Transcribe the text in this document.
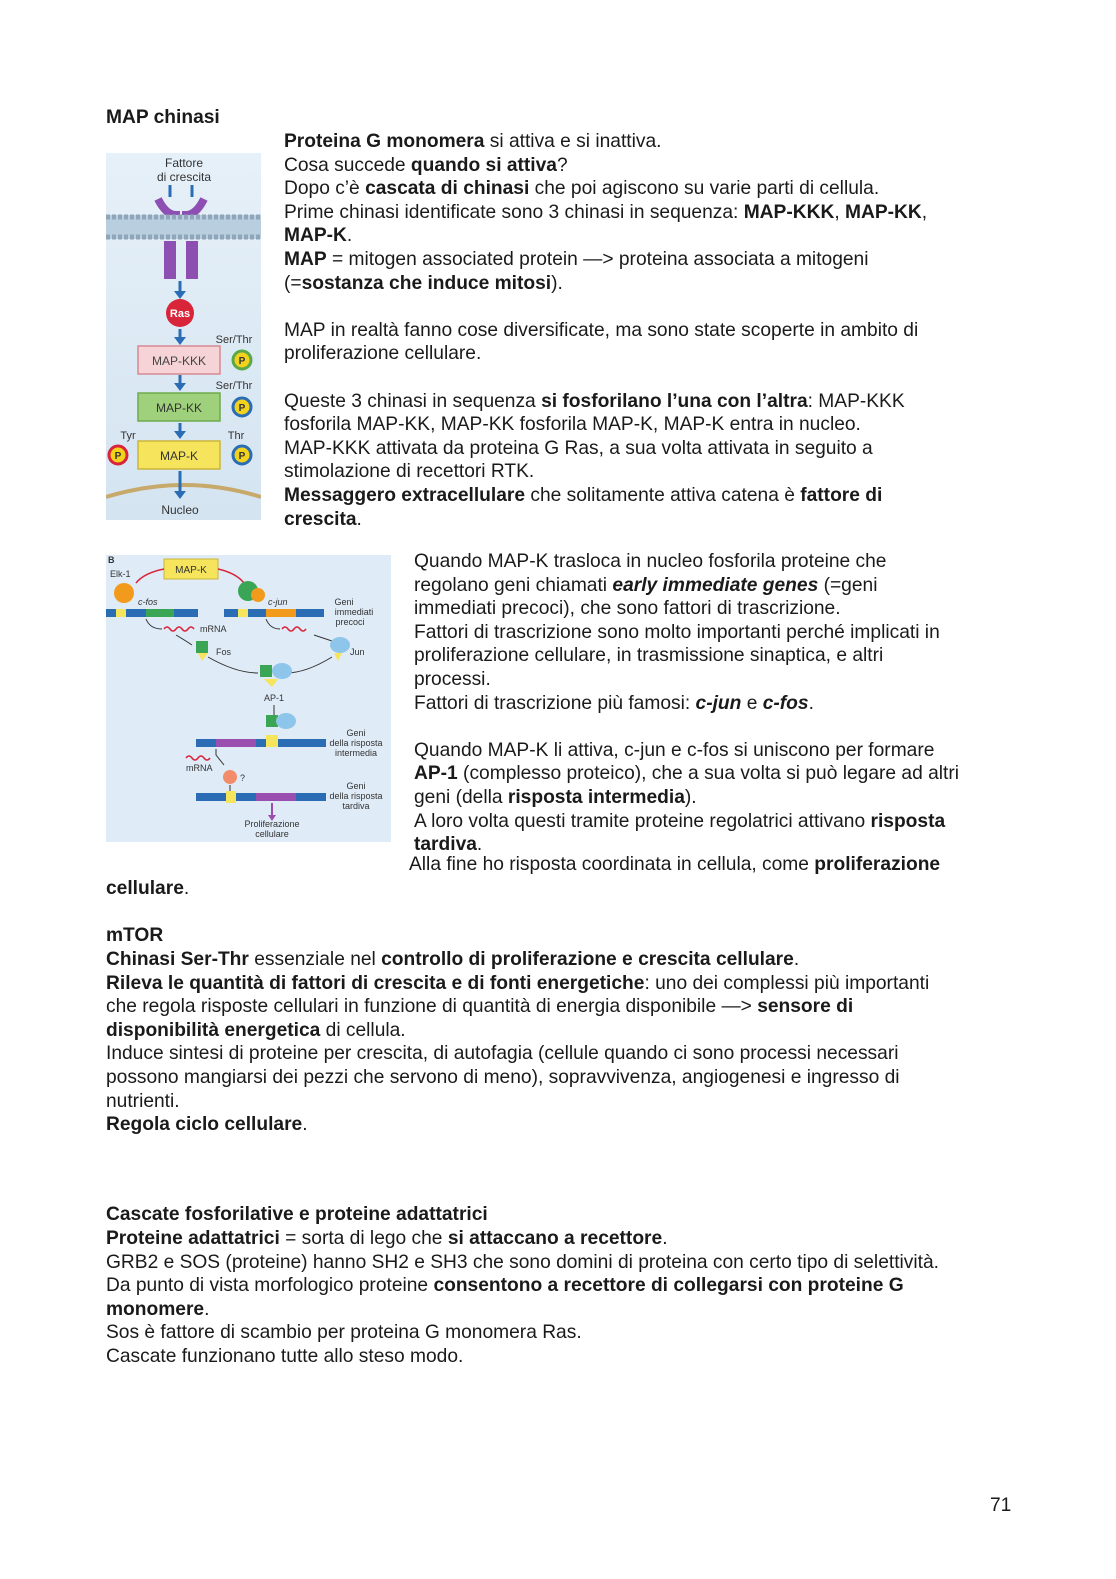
MAP chinasi

Proteina G monomera si attiva e si inattiva.

Cosa succede quando si attiva?

Dopo c’è cascata di chinasi che poi agiscono su varie parti di cellula.

Prime chinasi identificate sono 3 chinasi in sequenza: MAP-KKK, MAP-KK,

MAP-K.

MAP = mitogen associated protein —> proteina associata a mitogeni

(=sostanza che induce mitosi).

MAP in realtà fanno cose diversificate, ma sono state scoperte in ambito di

proliferazione cellulare.

Queste 3 chinasi in sequenza si fosforilano l’una con l’altra: MAP-KKK

fosforila MAP-KK, MAP-KK fosforila MAP-K, MAP-K entra in nucleo.

MAP-KKK attivata da proteina G Ras, a sua volta attivata in seguito a

stimolazione di recettori RTK.

Messaggero extracellulare che solitamente attiva catena è fattore di

crescita.

Fattore
di crescita
Ras
Ser/Thr
MAP-KKK	P
Ser/Thr
MAP-KK	P
Tyr	Thr
MAP-K
P	P
Nucleo
B
Elk-1	MAP-K
c-fos	c-jun	Geni
immediati
precoci
mRNA
Fos	Jun
AP-1
Geni
della risposta
intermedia
mRNA
?
Geni
della risposta
tardiva
Proliferazione
cellulare

Quando MAP-K trasloca in nucleo fosforila proteine che

regolano geni chiamati early immediate genes (=geni

immediati precoci), che sono fattori di trascrizione.

Fattori di trascrizione sono molto importanti perché implicati in

proliferazione cellulare, in trasmissione sinaptica, e altri

processi.

Fattori di trascrizione più famosi: c-jun e c-fos.

Quando MAP-K li attiva, c-jun e c-fos si uniscono per formare

AP-1 (complesso proteico), che a sua volta si può legare ad altri

geni (della risposta intermedia).

A loro volta questi tramite proteine regolatrici attivano risposta

tardiva.

Alla fine ho risposta coordinata in cellula, come proliferazione

cellulare.

mTOR

Chinasi Ser-Thr essenziale nel controllo di proliferazione e crescita cellulare.

Rileva le quantità di fattori di crescita e di fonti energetiche: uno dei complessi più importanti

che regola risposte cellulari in funzione di quantità di energia disponibile —> sensore di

disponibilità energetica di cellula.

Induce sintesi di proteine per crescita, di autofagia (cellule quando ci sono processi necessari

possono mangiarsi dei pezzi che servono di meno), sopravvivenza, angiogenesi e ingresso di

nutrienti.

Regola ciclo cellulare.

Cascate fosforilative e proteine adattatrici

Proteine adattatrici = sorta di lego che si attaccano a recettore.

GRB2 e SOS (proteine) hanno SH2 e SH3 che sono domini di proteina con certo tipo di selettività.

Da punto di vista morfologico proteine consentono a recettore di collegarsi con proteine G

monomere.

Sos è fattore di scambio per proteina G monomera Ras.

Cascate funzionano tutte allo steso modo.

71
